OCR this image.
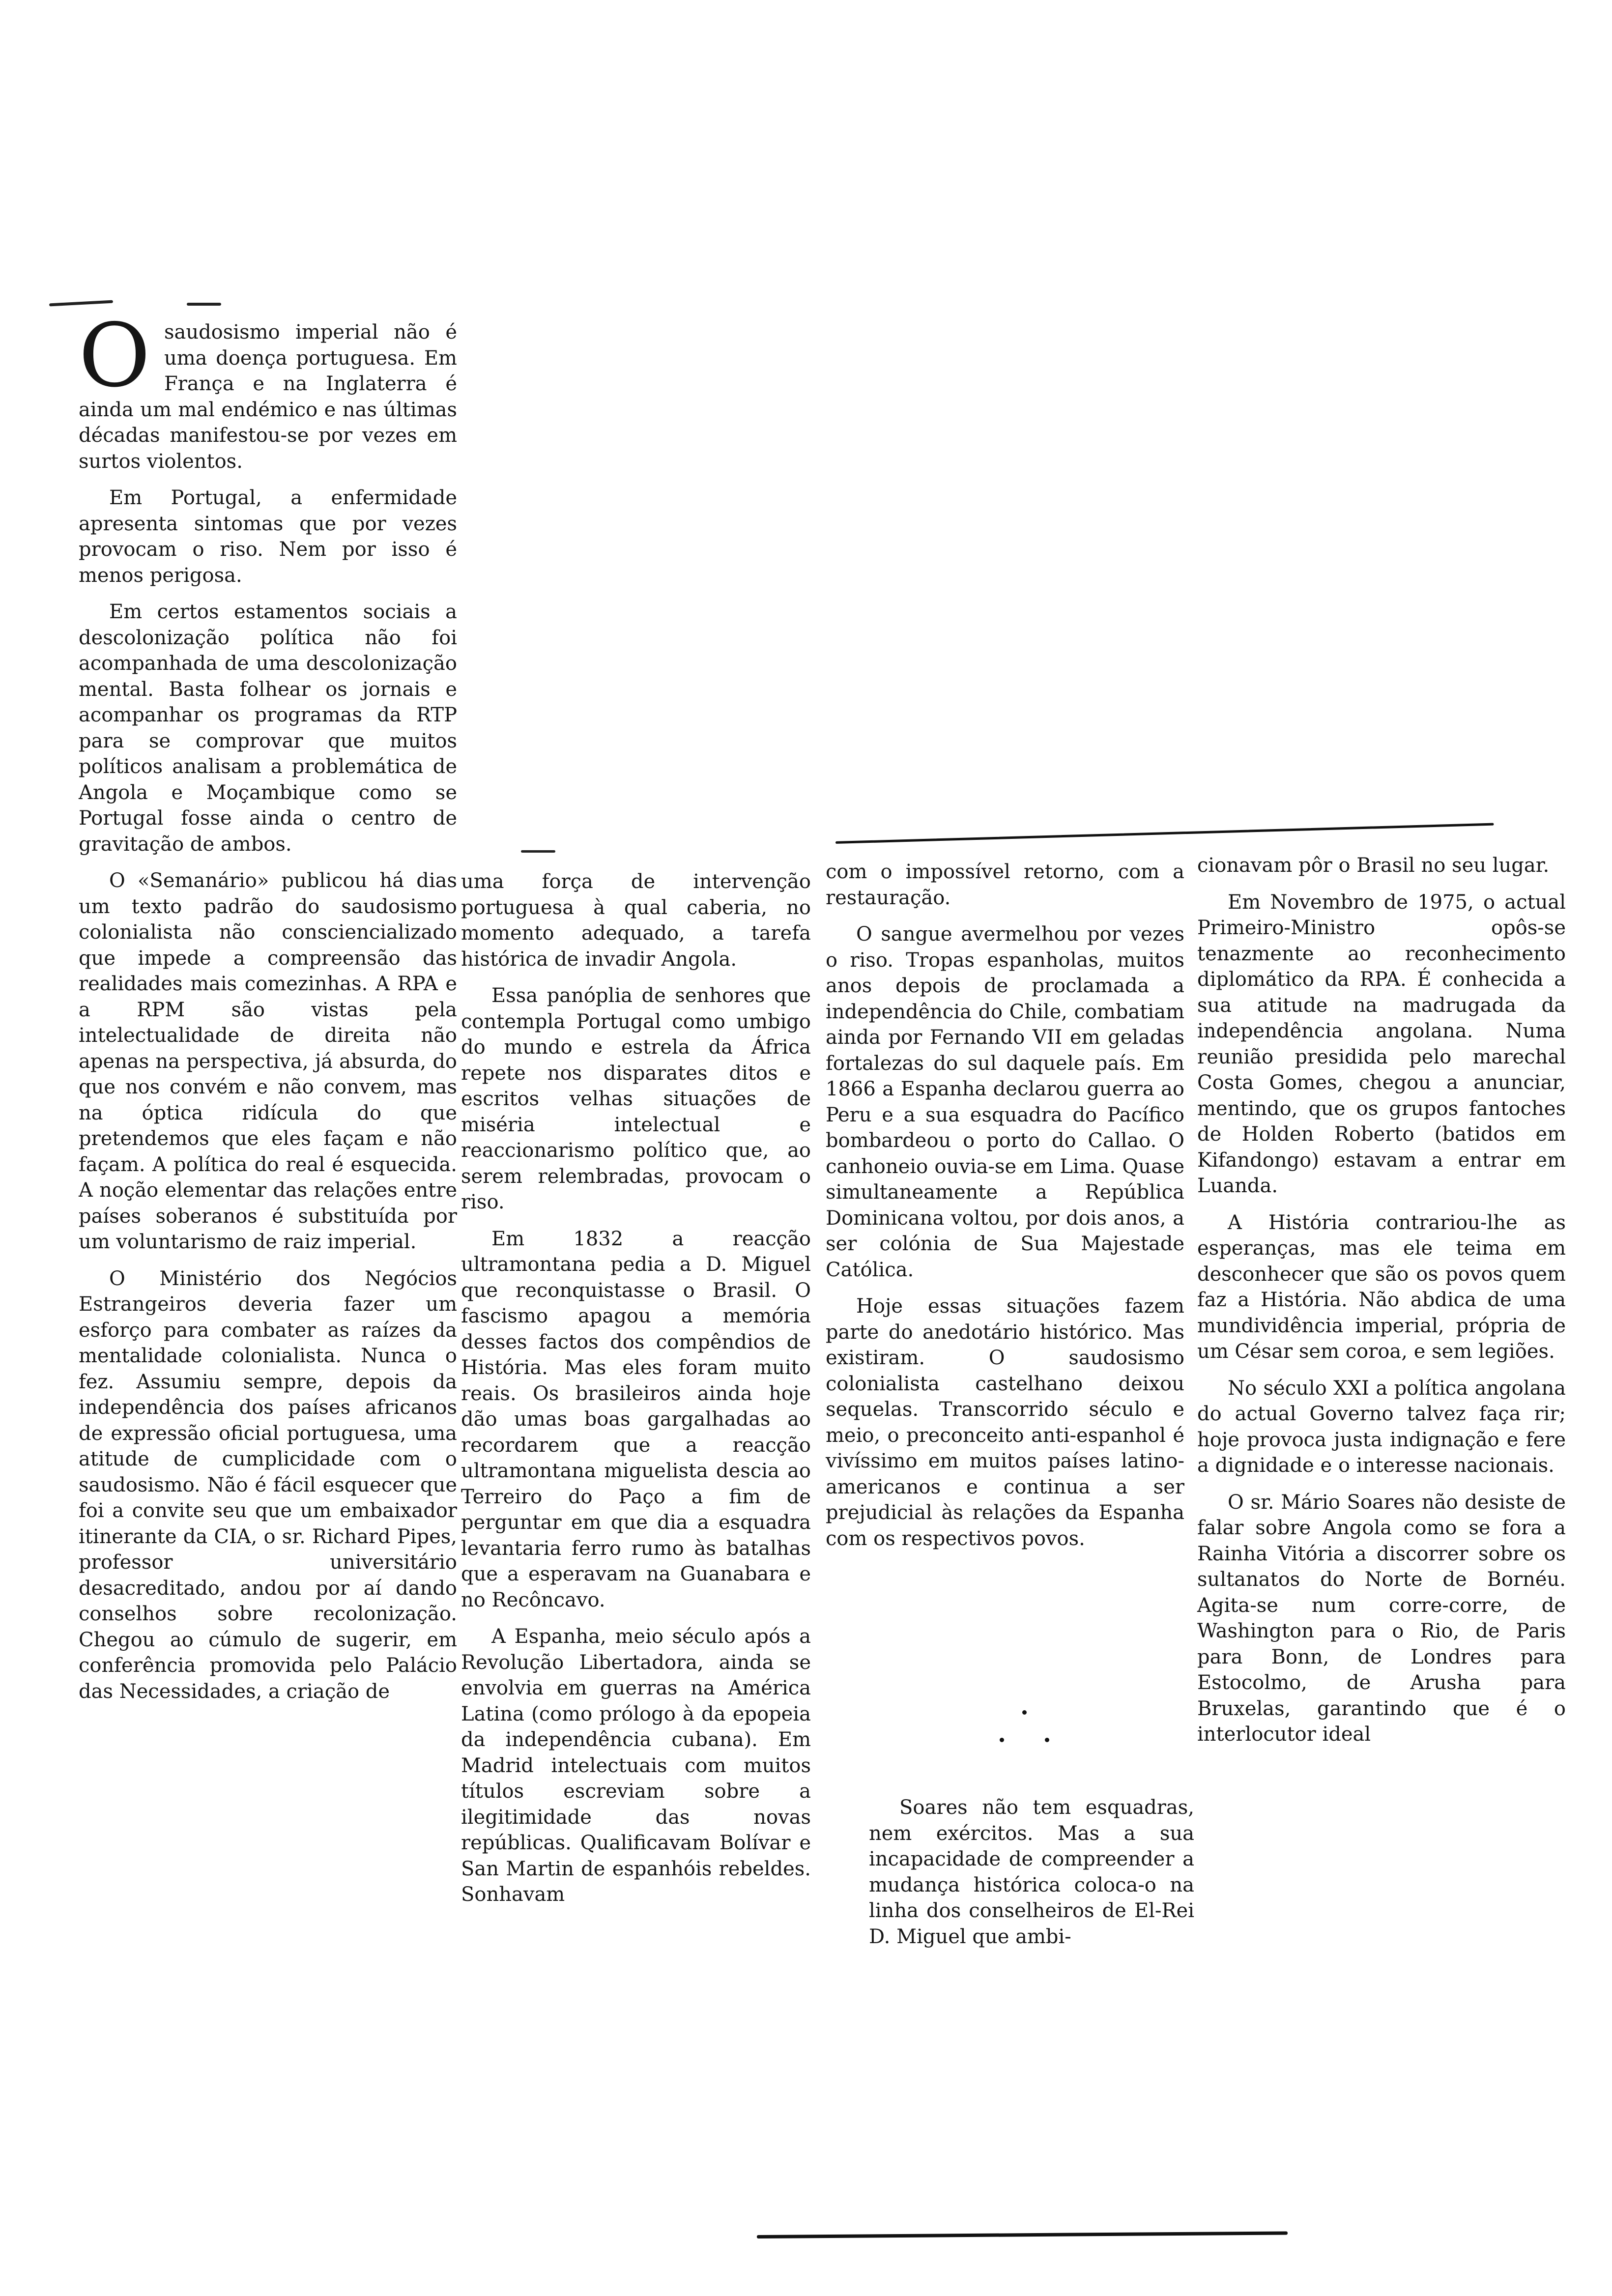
O saudosismo imperial não é uma doença portuguesa. Em França e na Inglaterra é ainda um mal endémico e nas últimas décadas manifestou-se por vezes em surtos violentos.

Em Portugal, a enfermidade apresenta sintomas que por vezes provocam o riso. Nem por isso é menos perigosa.

Em certos estamentos sociais a descolonização política não foi acompanhada de uma descolonização mental. Basta folhear os jornais e acompanhar os programas da RTP para se comprovar que muitos políticos analisam a problemática de Angola e Moçambique como se Portugal fosse ainda o centro de gravitação de ambos.

O «Semanário» publicou há dias um texto padrão do saudosismo colonialista não consciencializado que impede a compreensão das realidades mais comezinhas. A RPA e a RPM são vistas pela intelectualidade de direita não apenas na perspectiva, já absurda, do que nos convém e não convem, mas na óptica ridícula do que pretendemos que eles façam e não façam. A política do real é esquecida. A noção elementar das relações entre países soberanos é substituída por um voluntarismo de raiz imperial.

O Ministério dos Negócios Estrangeiros deveria fazer um esforço para combater as raízes da mentalidade colonialista. Nunca o fez. Assumiu sempre, depois da independência dos países africanos de expressão oficial portuguesa, uma atitude de cumplicidade com o saudosismo. Não é fácil esquecer que foi a convite seu que um embaixador itinerante da CIA, o sr. Richard Pipes, professor universitário desacreditado, andou por aí dando conselhos sobre recolonização. Chegou ao cúmulo de sugerir, em conferência promovida pelo Palácio das Necessidades, a criação de

uma força de intervenção portuguesa à qual caberia, no momento adequado, a tarefa histórica de invadir Angola.

Essa panóplia de senhores que contempla Portugal como umbigo do mundo e estrela da África repete nos disparates ditos e escritos velhas situações de miséria intelectual e reaccionarismo político que, ao serem relembradas, provocam o riso.

Em 1832 a reacção ultramontana pedia a D. Miguel que reconquistasse o Brasil. O fascismo apagou a memória desses factos dos compêndios de História. Mas eles foram muito reais. Os brasileiros ainda hoje dão umas boas gargalhadas ao recordarem que a reacção ultramontana miguelista descia ao Terreiro do Paço a fim de perguntar em que dia a esquadra levantaria ferro rumo às batalhas que a esperavam na Guanabara e no Recôncavo.

A Espanha, meio século após a Revolução Libertadora, ainda se envolvia em guerras na América Latina (como prólogo à da epopeia da independência cubana). Em Madrid intelectuais com muitos títulos escreviam sobre a ilegitimidade das novas repúblicas. Qualificavam Bolívar e San Martin de espanhóis rebeldes. Sonhavam

com o impossível retorno, com a restauração.

O sangue avermelhou por vezes o riso. Tropas espanholas, muitos anos depois de proclamada a independência do Chile, combatiam ainda por Fernando VII em geladas fortalezas do sul daquele país. Em 1866 a Espanha declarou guerra ao Peru e a sua esquadra do Pacífico bombardeou o porto do Callao. O canhoneio ouvia-se em Lima. Quase simultaneamente a República Dominicana voltou, por dois anos, a ser colónia de Sua Majestade Católica.

Hoje essas situações fazem parte do anedotário histórico. Mas existiram. O saudosismo colonialista castelhano deixou sequelas. Transcorrido século e meio, o preconceito anti-espanhol é vivíssimo em muitos países latino-americanos e continua a ser prejudicial às relações da Espanha com os respectivos povos.

Soares não tem esquadras, nem exércitos. Mas a sua incapacidade de compreender a mudança histórica coloca-o na linha dos conselheiros de El-Rei D. Miguel que ambi-

cionavam pôr o Brasil no seu lugar.

Em Novembro de 1975, o actual Primeiro-Ministro opôs-se tenazmente ao reconhecimento diplomático da RPA. É conhecida a sua atitude na madrugada da independência angolana. Numa reunião presidida pelo marechal Costa Gomes, chegou a anunciar, mentindo, que os grupos fantoches de Holden Roberto (batidos em Kifandongo) estavam a entrar em Luanda.

A História contrariou-lhe as esperanças, mas ele teima em desconhecer que são os povos quem faz a História. Não abdica de uma mundividência imperial, própria de um César sem coroa, e sem legiões.

No século XXI a política angolana do actual Governo talvez faça rir; hoje provoca justa indignação e fere a dignidade e o interesse nacionais.

O sr. Mário Soares não desiste de falar sobre Angola como se fora a Rainha Vitória a discorrer sobre os sultanatos do Norte de Bornéu. Agita-se num corre-corre, de Washington para o Rio, de Paris para Bonn, de Londres para Estocolmo, de Arusha para Bruxelas, garantindo que é o interlocutor ideal
